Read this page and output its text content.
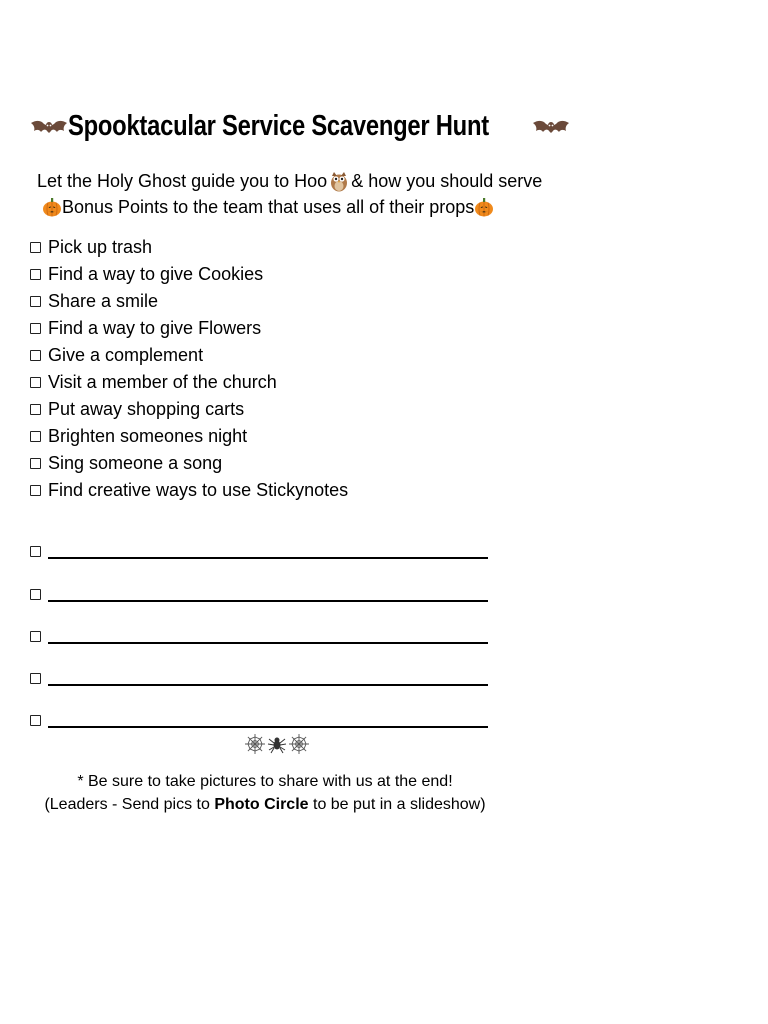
Spooktacular Service Scavenger Hunt
Let the Holy Ghost guide you to Hoo & how you should serve
Bonus Points to the team that uses all of their props
Pick up trash
Find a way to give Cookies
Share a smile
Find a way to give Flowers
Give a complement
Visit a member of the church
Put away shopping carts
Brighten someones night
Sing someone a song
Find creative ways to use Stickynotes
* Be sure to take pictures to share with us at the end!
(Leaders - Send pics to Photo Circle to be put in a slideshow)
